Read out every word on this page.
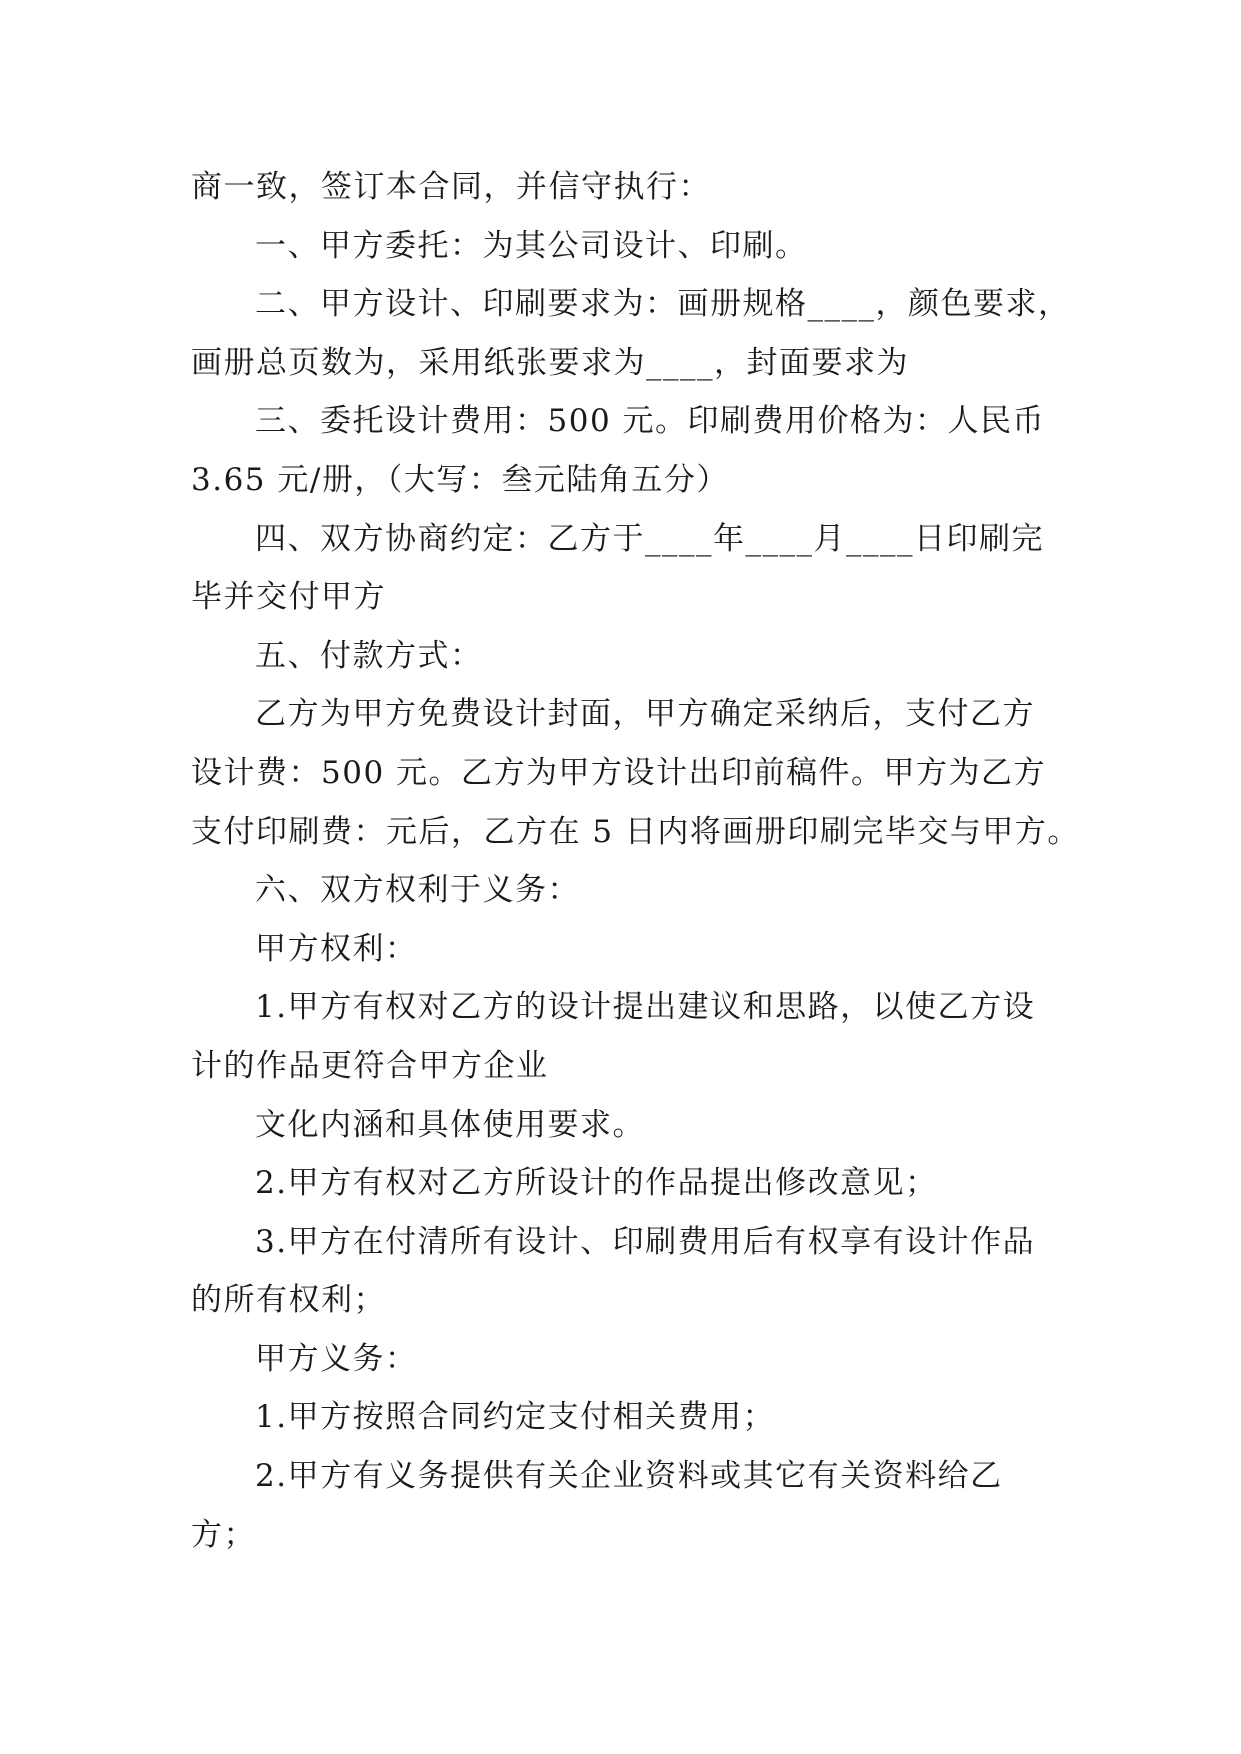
商一致，签订本合同，并信守执行：
一、甲方委托：为其公司设计、印刷。
二、甲方设计、印刷要求为：画册规格____，颜色要求，
画册总页数为，采用纸张要求为____，封面要求为
三、委托设计费用：500 元。印刷费用价格为：人民币
3.65 元/册，（大写：叁元陆角五分）
四、双方协商约定：乙方于____年____月____日印刷完
毕并交付甲方
五、付款方式：
乙方为甲方免费设计封面，甲方确定采纳后，支付乙方
设计费：500 元。乙方为甲方设计出印前稿件。甲方为乙方
支付印刷费：元后，乙方在 5 日内将画册印刷完毕交与甲方。
六、双方权利于义务：
甲方权利：
1.甲方有权对乙方的设计提出建议和思路，以使乙方设
计的作品更符合甲方企业
文化内涵和具体使用要求。
2.甲方有权对乙方所设计的作品提出修改意见；
3.甲方在付清所有设计、印刷费用后有权享有设计作品
的所有权利；
甲方义务：
1.甲方按照合同约定支付相关费用；
2.甲方有义务提供有关企业资料或其它有关资料给乙
方；
